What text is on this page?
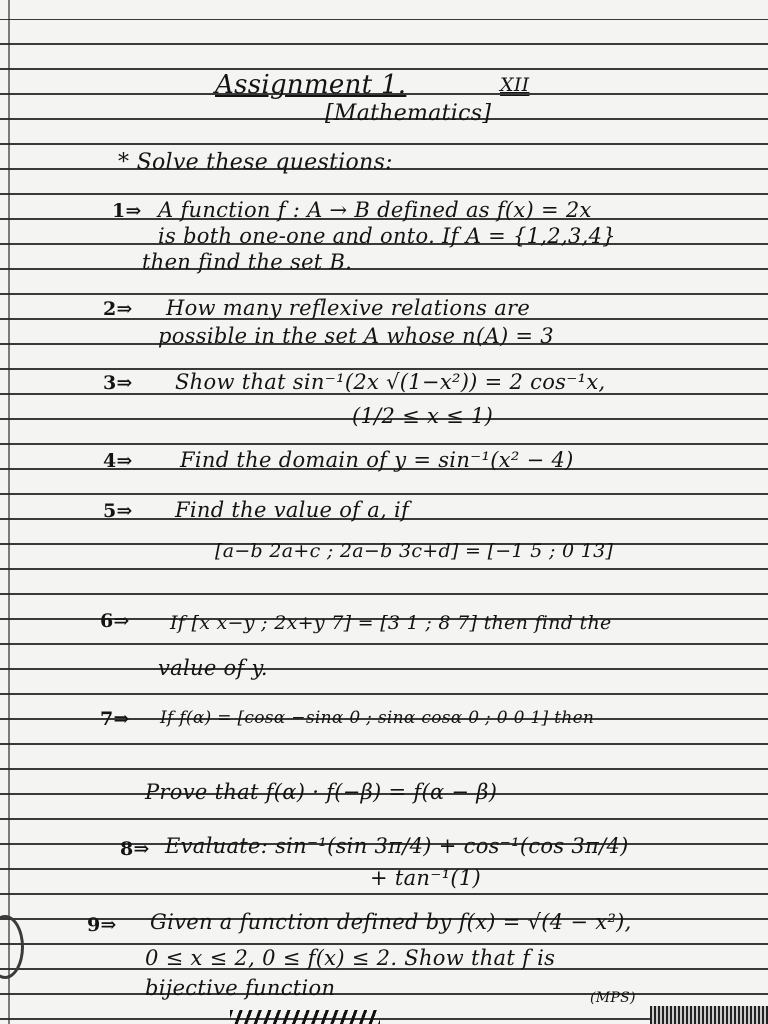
Assignment 1.	XII
[Mathematics]
* Solve these questions:
1⇒ A function f : A → B defined as f(x) = 2x
is both one-one and onto. If A = {1,2,3,4}
then find the set B.
2⇒ How many reflexive relations are
possible in the set A whose n(A) = 3
3⇒ Show that sin⁻¹(2x √(1−x²)) = 2 cos⁻¹x,
(1/2 ≤ x ≤ 1)
4⇒ Find the domain of y = sin⁻¹(x² − 4)
5⇒ Find the value of a, if
[a−b 2a+c ; 2a−b 3c+d] = [−1 5 ; 0 13]
6⇒ If [x x−y ; 2x+y 7] = [3 1 ; 8 7] then find the
value of y.
7⇒ If f(α) = [cosα −sinα 0 ; sinα cosα 0 ; 0 0 1] then
Prove that f(α) · f(−β) = f(α − β)
8⇒ Evaluate: sin⁻¹(sin 3π/4) + cos⁻¹(cos 3π/4)
+ tan⁻¹(1)
9⇒ Given a function defined by f(x) = √(4 − x²),
0 ≤ x ≤ 2, 0 ≤ f(x) ≤ 2. Show that f is
bijective function	(MPS)
